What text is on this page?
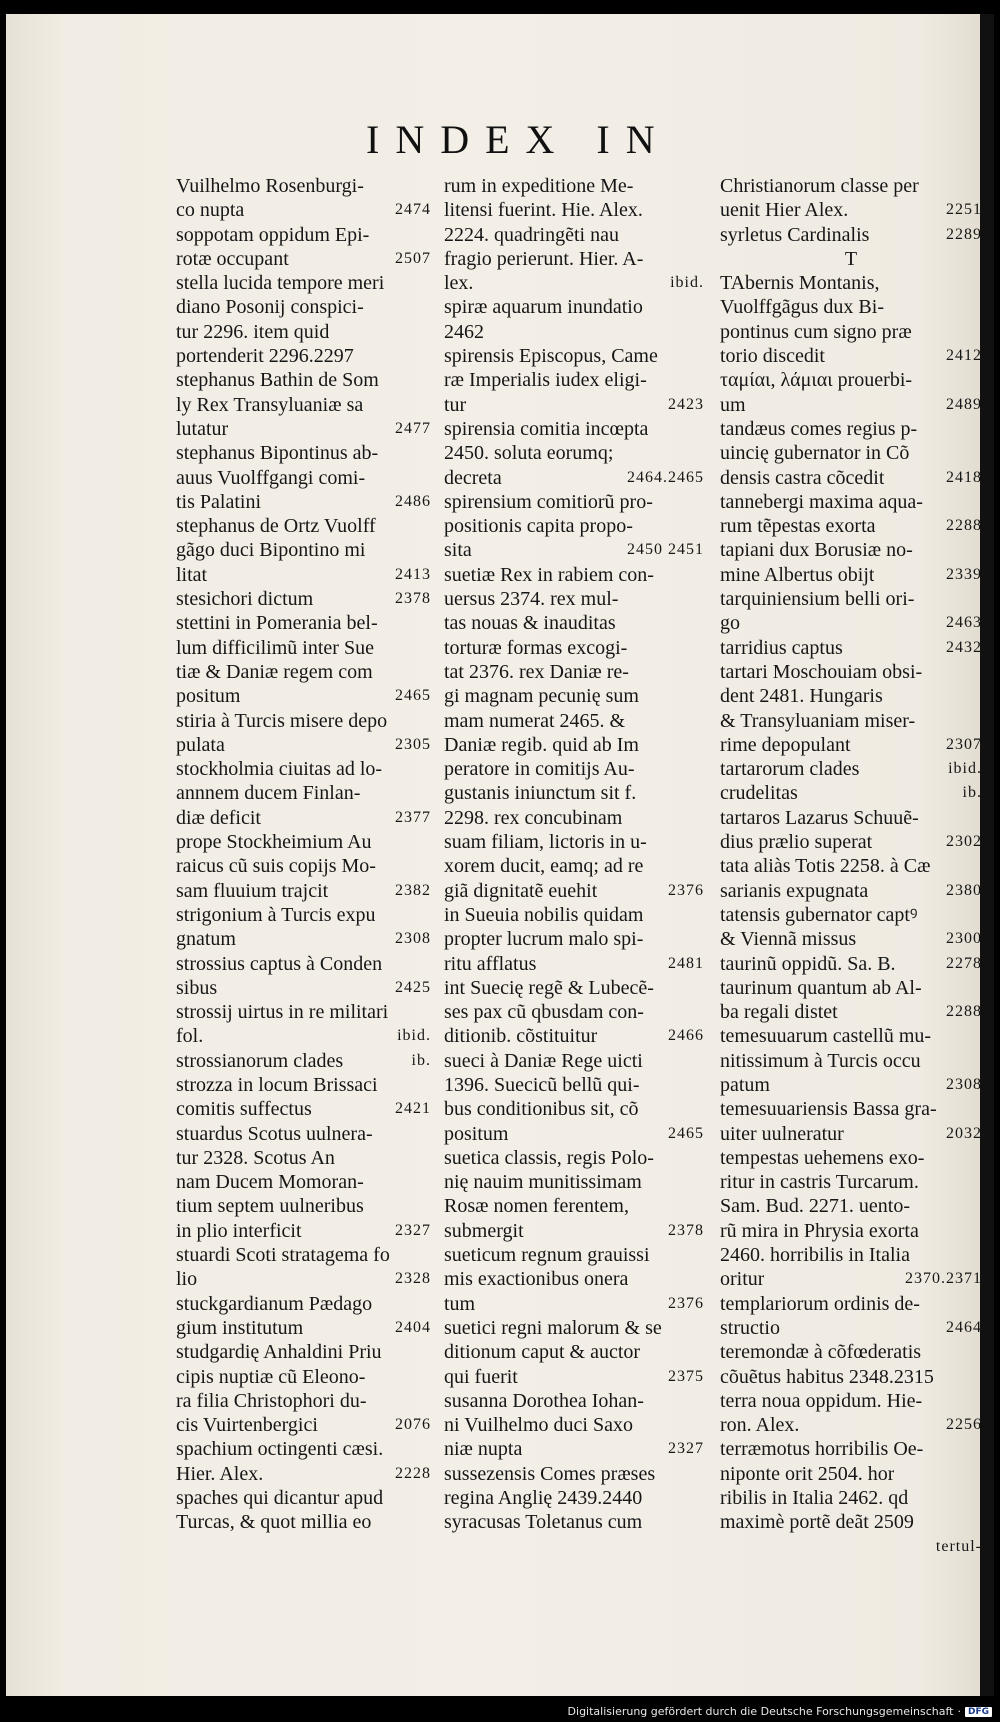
INDEX IN
Vuilhelmo Rosenburgi-
co nupta	2474
soppotam oppidum Epi-
rotæ occupant	2507
stella lucida tempore meri
diano Posonij conspici-
tur 2296. item quid
portenderit 2296.2297
stephanus Bathin de Som
ly Rex Transyluaniæ sa
lutatur	2477
stephanus Bipontinus ab-
auus Vuolffgangi comi-
tis Palatini	2486
stephanus de Ortz Vuolff
gãgo duci Bipontino mi
litat	2413
stesichori dictum	2378
stettini in Pomerania bel-
lum difficilimũ inter Sue
tiæ & Daniæ regem com
positum	2465
stiria à Turcis misere depo
pulata	2305
stockholmia ciuitas ad lo-
annnem ducem Finlan-
diæ deficit	2377
prope Stockheimium Au
raicus cũ suis copijs Mo-
sam fluuium trajcit	2382
strigonium à Turcis expu
gnatum	2308
strossius captus à Conden
sibus	2425
strossij uirtus in re militari
fol.	ibid.
strossianorum clades	ib.
strozza in locum Brissaci
comitis suffectus	2421
stuardus Scotus uulnera-
tur 2328. Scotus An
nam Ducem Momoran-
tium septem uulneribus
in plio interficit	2327
stuardi Scoti stratagema fo
lio	2328
stuckgardianum Pædago
gium institutum	2404
studgardię Anhaldini Priu
cipis nuptiæ cũ Eleono-
ra filia Christophori du-
cis Vuirtenbergici	2076
spachium octingenti cæsi.
Hier. Alex.	2228
spaches qui dicantur apud
Turcas, & quot millia eo
rum in expeditione Me-
litensi fuerint. Hie. Alex.
2224. quadringẽti nau
fragio perierunt. Hier. A-
lex.	ibid.
spiræ aquarum inundatio
2462
spirensis Episcopus, Came
ræ Imperialis iudex eligi-
tur	2423
spirensia comitia incœpta
2450. soluta eorumq;
decreta	2464.2465
spirensium comitiorũ pro-
positionis capita propo-
sita	2450 2451
suetiæ Rex in rabiem con-
uersus 2374. rex mul-
tas nouas & inauditas
torturæ formas excogi-
tat 2376. rex Daniæ re-
gi magnam pecunię sum
mam numerat 2465. &
Daniæ regib. quid ab Im
peratore in comitijs Au-
gustanis iniunctum sit f.
2298. rex concubinam
suam filiam, lictoris in u-
xorem ducit, eamq; ad re
giã dignitatẽ euehit	2376
in Sueuia nobilis quidam
propter lucrum malo spi-
ritu afflatus	2481
int Suecię regẽ & Lubecẽ-
ses pax cũ qbusdam con-
ditionib. cõstituitur	2466
sueci à Daniæ Rege uicti
1396. Suecicũ bellũ qui-
bus conditionibus sit, cõ
positum	2465
suetica classis, regis Polo-
nię nauim munitissimam
Rosæ nomen ferentem,
submergit	2378
sueticum regnum grauissi
mis exactionibus onera
tum	2376
suetici regni malorum & se
ditionum caput & auctor
qui fuerit	2375
susanna Dorothea Iohan-
ni Vuilhelmo duci Saxo
niæ nupta	2327
sussezensis Comes præses
regina Anglię 2439.2440
syracusas Toletanus cum
Christianorum classe per
uenit Hier Alex.	2251
syrletus Cardinalis	2289
T
TAbernis Montanis,
Vuolffgãgus dux Bi-
pontinus cum signo præ
torio discedit	2412
ταμίαι, λάμιαι prouerbi-
um	2489
tandæus comes regius p-
uincię gubernator in Cõ
densis castra cõcedit	2418
tannebergi maxima aqua-
rum tẽpestas exorta	2288
tapiani dux Borusiæ no-
mine Albertus obijt	2339
tarquiniensium belli ori-
go	2463
tarridius captus	2432
tartari Moschouiam obsi-
dent 2481. Hungaris
& Transyluaniam miser-
rime depopulant	2307
tartarorum clades	ibid.
crudelitas	ib.
tartaros Lazarus Schuuẽ-
dius prælio superat	2302
tata aliàs Totis 2258. à Cæ
sarianis expugnata	2380
tatensis gubernator captꝰ
& Viennã missus	2300
taurinũ oppidũ. Sa. B.	2278
taurinum quantum ab Al-
ba regali distet	2288
temesuuarum castellũ mu-
nitissimum à Turcis occu
patum	2308
temesuuariensis Bassa gra-
uiter uulneratur	2032
tempestas uehemens exo-
ritur in castris Turcarum.
Sam. Bud. 2271. uento-
rũ mira in Phrysia exorta
2460. horribilis in Italia
oritur	2370.2371
templariorum ordinis de-
structio	2464
teremondæ à cõfœderatis
cõuẽtus habitus 2348.2315
terra noua oppidum. Hie-
ron. Alex.	2256
terræmotus horribilis Oe-
niponte orit 2504. hor
ribilis in Italia 2462. qd
maximè portẽ deãt 2509
tertul-
Digitalisierung gefördert durch die Deutsche Forschungsgemeinschaft · DFG
